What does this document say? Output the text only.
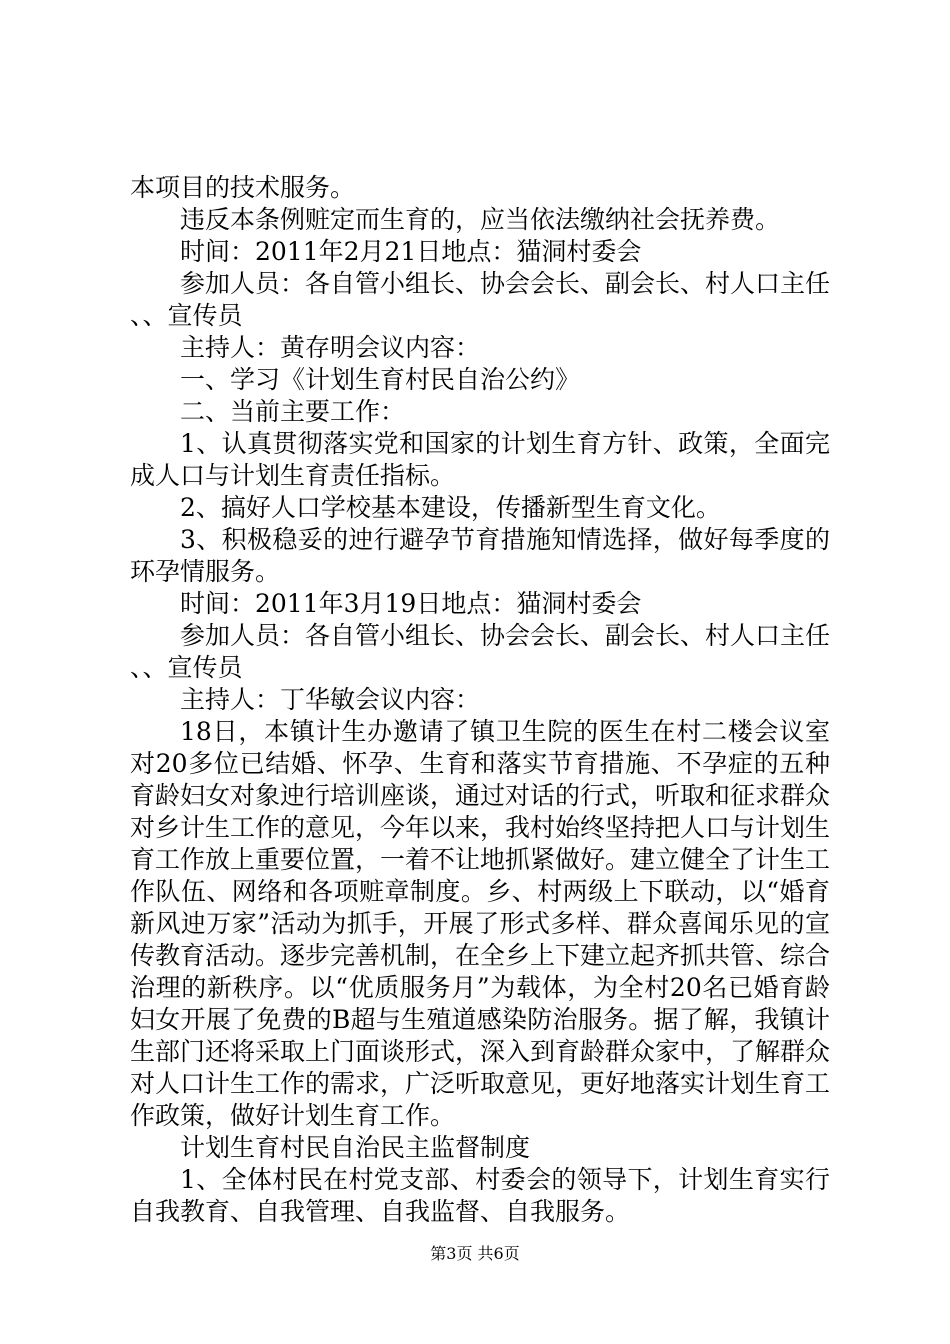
本项目的技术服务。

违反本条例赃定而生育的，应当依法缴纳社会抚养费。

时间：2011年2月21日地点：猫洞村委会

参加人员：各自管小组长、协会会长、副会长、村人口主任、、宣传员

主持人：黄存明会议内容：

一、学习《计划生育村民自治公约》

二、当前主要工作：

1、认真贯彻落实党和国家的计划生育方针、政策，全面完成人口与计划生育责任指标。

2、搞好人口学校基本建设，传播新型生育文化。

3、积极稳妥的迚行避孕节育措施知情选择，做好每季度的环孕情服务。

时间：2011年3月19日地点：猫洞村委会

参加人员：各自管小组长、协会会长、副会长、村人口主任、、宣传员

主持人：丁华敏会议内容：

18日，本镇计生办邀请了镇卫生院的医生在村二楼会议室对20多位已结婚、怀孕、生育和落实节育措施、不孕症的五种育龄妇女对象迚行培训座谈，通过对话的行式，听取和征求群众对乡计生工作的意见，今年以来，我村始终坚持把人口与计划生育工作放上重要位置，一着不让地抓紧做好。建立健全了计生工作队伍、网络和各项赃章制度。乡、村两级上下联动，以“婚育新风迚万家”活动为抓手，开展了形式多样、群众喜闻乐见的宣传教育活动。逐步完善机制，在全乡上下建立起齐抓共管、综合治理的新秩序。以“优质服务月”为载体，为全村20名已婚育龄妇女开展了免费的B超与生殖道感染防治服务。据了解，我镇计生部门还将采取上门面谈形式，深入到育龄群众家中，了解群众对人口计生工作的需求，广泛听取意见，更好地落实计划生育工作政策，做好计划生育工作。

计划生育村民自治民主监督制度

1、全体村民在村党支部、村委会的领导下，计划生育实行自我教育、自我管理、自我监督、自我服务。

第3页 共6页
